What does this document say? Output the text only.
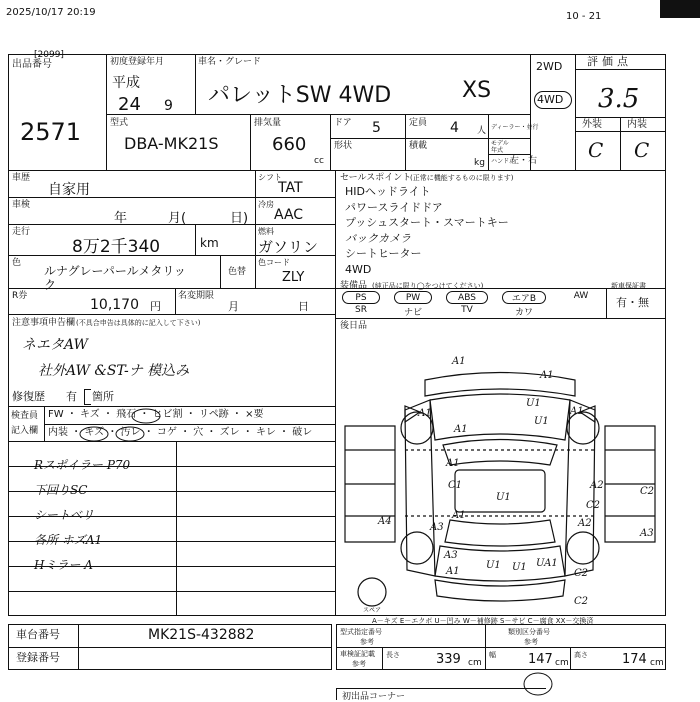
2025/10/17 20:19	10 - 21
[2099]
出品番号
2571
初度登録年月
平成
24 9
車名・グレード
パレットSW 4WD	XS
2WD
4WD
評価点
3.5
外装	内装
C C
型式
DBA-MK21S
排気量
660
cc
ドア 5
形状
定員 4 人
積載
kg
ディーラー・並行
モデル年式
ハンドル
左・右
車歴
自家用
シフト
TAT
車検
年	月(	日)
冷房
AAC
走行
8万2千340	km
燃料
ガソリン
色
ルナグレーパールメタリッ
ク
色替
色コード
ZLY
R券
10,170 円
名変期限
月	日
注意事項申告欄 (不具合申告は具体的に記入して下さい)
ネエタAW
社外AW &ST-ナ 模込み
修復歴 有 箇所
検査員
記入欄
FW ・ キズ ・ 飛石 ・ ヒビ割 ・ リペ跡 ・ ×要
内装 ・ キズ ・ 汚レ ・ コゲ ・ 穴 ・ ズレ ・ キレ ・ 破レ
Rスポイラー P70
下回りSC
シートベリ
各所 ホズA1
Hミラー A
セールスポイント
(正常に機能するものに限ります)
HIDヘッドライト
パワースライドドア
プッシュスタート・スマートキー
バックカメラ
シートヒーター
4WD
装備品 (純正品に限り◯をつけてください)
PS	PW	ABS	エアB	AW
SR	ナビ	TV	カワ
新車保証書
有・無
後日品
スペア
A1
A1
U1
A1
U1
A1
A1
A1
C1
U1
A2
C2
A4
A3
A1
C2
A2
A3
A1
U1 U1 UA1
C2
C2
A3
A－キズ E－エクボ U－凹み W－補修跡 S－サビ C－腐食 XX－交換済
車台番号	MK21S-432882
登録番号
型式指定番号
参考
類別区分番号
参考
車検証記載
参考
長さ	339 cm
幅 147 cm
高さ	174 cm
初出品コーナー
